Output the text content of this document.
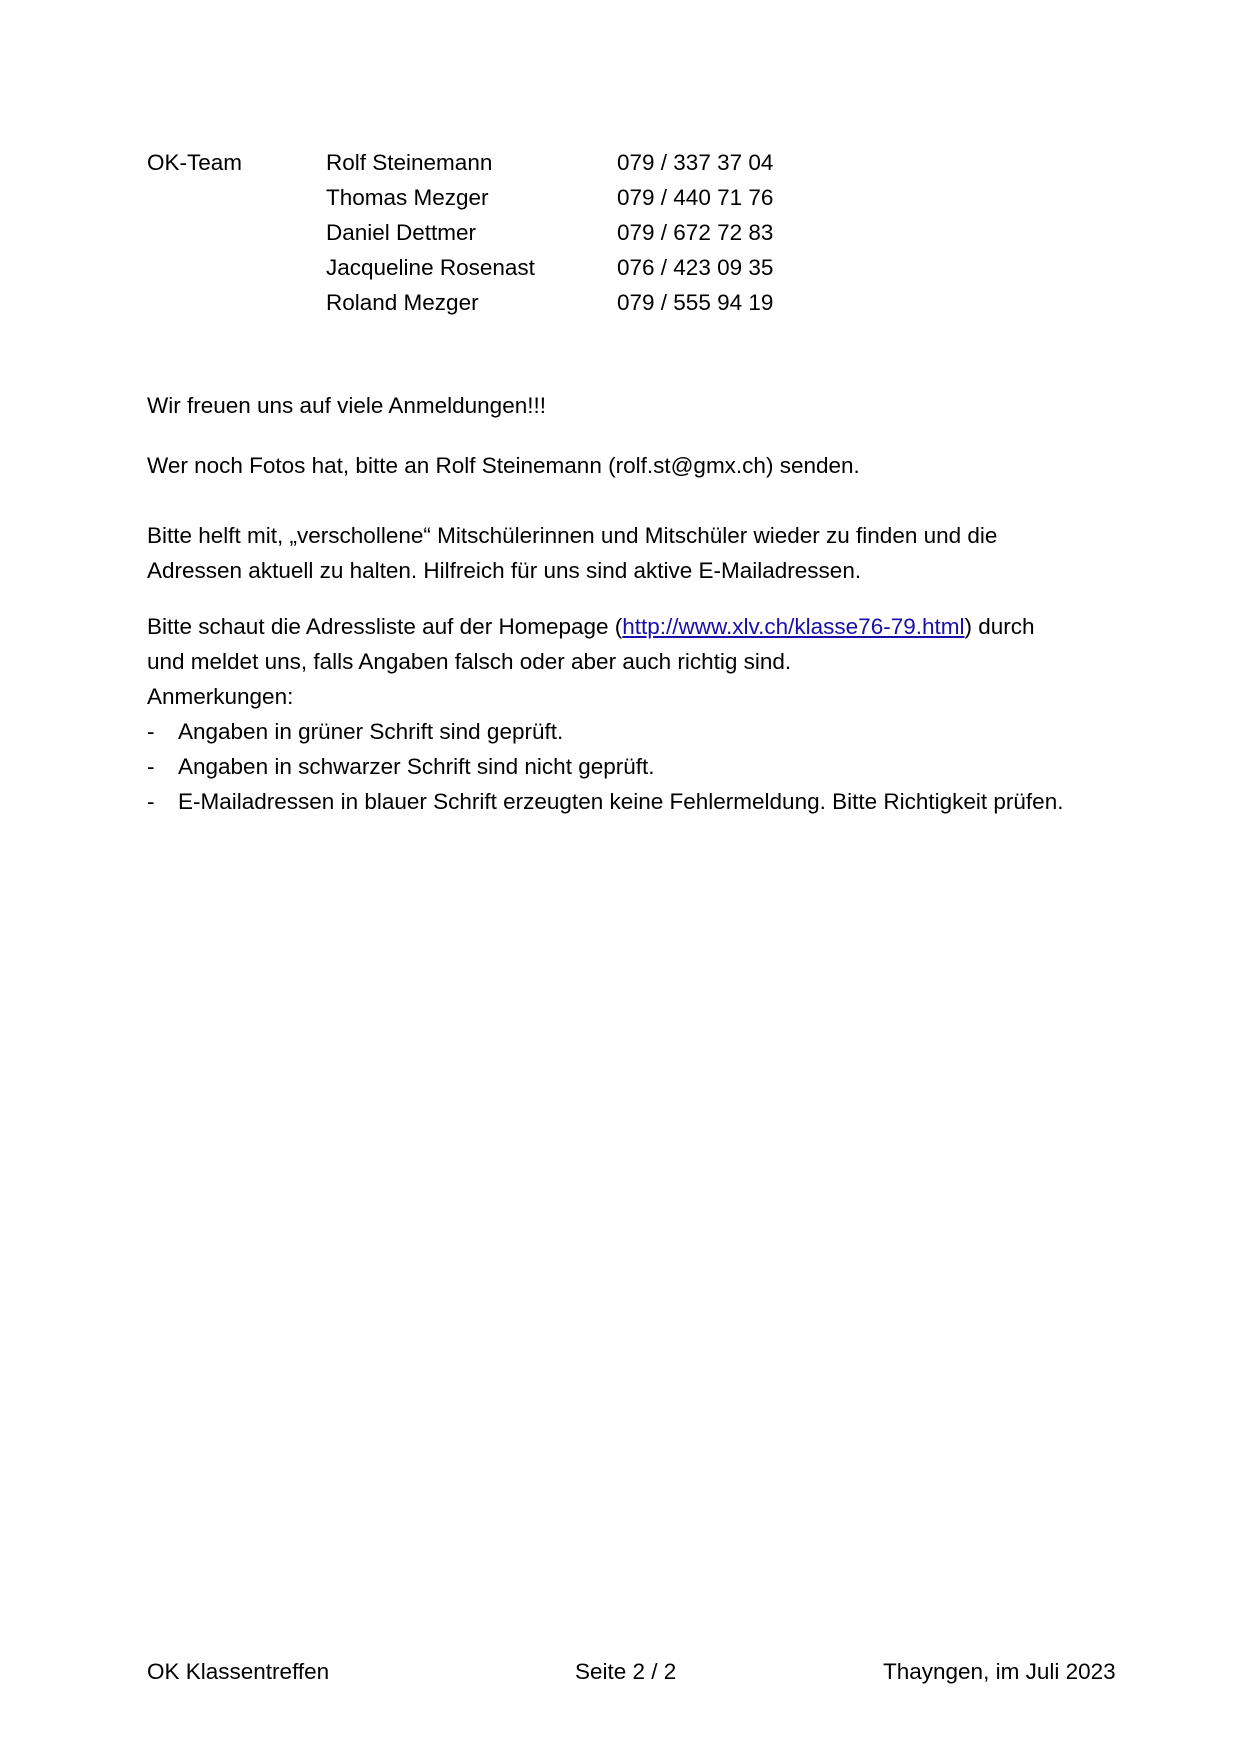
OK-Team	Rolf Steinemann	079 / 337 37 04
Thomas Mezger	079 / 440 71 76
Daniel Dettmer	079 / 672 72 83
Jacqueline Rosenast	076 / 423 09 35
Roland Mezger	079 / 555 94 19
Wir freuen uns auf viele Anmeldungen!!!
Wer noch Fotos hat, bitte an Rolf Steinemann (rolf.st@gmx.ch) senden.
Bitte helft mit, „verschollene“ Mitschülerinnen und Mitschüler wieder zu finden und die
Adressen aktuell zu halten. Hilfreich für uns sind aktive E-Mailadressen.
Bitte schaut die Adressliste auf der Homepage (http://www.xlv.ch/klasse76-79.html) durch
und meldet uns, falls Angaben falsch oder aber auch richtig sind.
Anmerkungen:
- Angaben in grüner Schrift sind geprüft.
- Angaben in schwarzer Schrift sind nicht geprüft.
- E-Mailadressen in blauer Schrift erzeugten keine Fehlermeldung. Bitte Richtigkeit prüfen.
OK Klassentreffen	Seite 2 / 2	Thayngen, im Juli 2023
